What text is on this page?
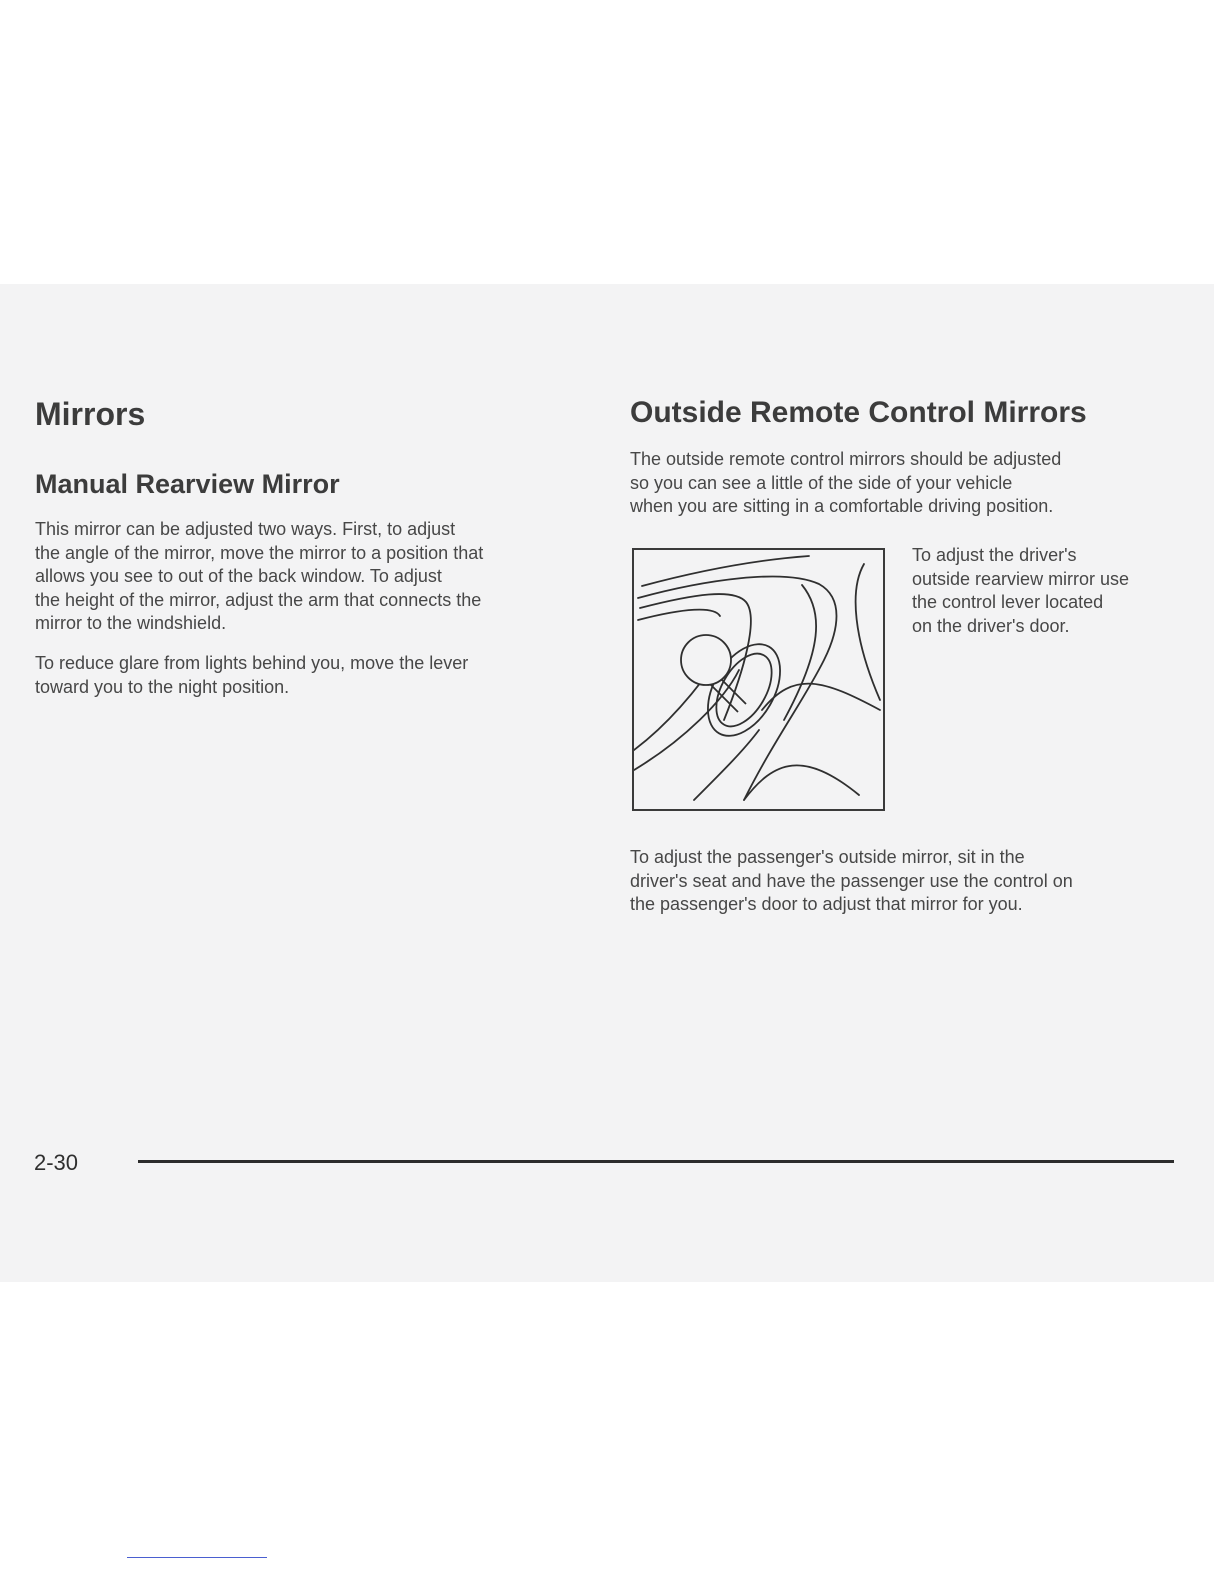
Mirrors
Manual Rearview Mirror
This mirror can be adjusted two ways. First, to adjust
the angle of the mirror, move the mirror to a position that
allows you see to out of the back window. To adjust
the height of the mirror, adjust the arm that connects the
mirror to the windshield.
To reduce glare from lights behind you, move the lever
toward you to the night position.
Outside Remote Control Mirrors
The outside remote control mirrors should be adjusted
so you can see a little of the side of your vehicle
when you are sitting in a comfortable driving position.
To adjust the driver's
outside rearview mirror use
the control lever located
on the driver's door.
To adjust the passenger's outside mirror, sit in the
driver's seat and have the passenger use the control on
the passenger's door to adjust that mirror for you.
2-30
